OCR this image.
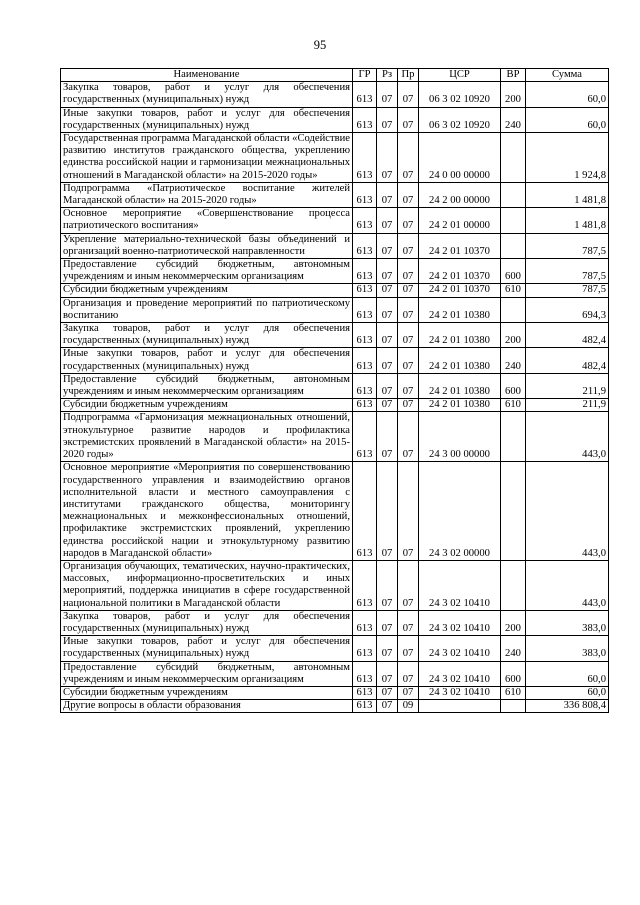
95
Наименование	ГР	Рз	Пр	ЦСР	ВР	Сумма
Закупка товаров, работ и услуг для обеспечения государственных (муниципальных) нужд	613	07	07	06 3 02 10920	200	60,0
Иные закупки товаров, работ и услуг для обеспечения государственных (муниципальных) нужд	613	07	07	06 3 02 10920	240	60,0
Государственная программа Магаданской области «Содействие развитию институтов гражданского общества, укреплению единства российской нации и гармонизации межнациональных отношений в Магаданской области» на 2015-2020 годы»	613	07	07	24 0 00 00000		1 924,8
Подпрограмма «Патриотическое воспитание жителей Магаданской области» на 2015-2020 годы»	613	07	07	24 2 00 00000		1 481,8
Основное мероприятие «Совершенствование процесса патриотического воспитания»	613	07	07	24 2 01 00000		1 481,8
Укрепление материально-технической базы объединений и организаций военно-патриотической направленности	613	07	07	24 2 01 10370		787,5
Предоставление субсидий бюджетным, автономным учреждениям и иным некоммерческим организациям	613	07	07	24 2 01 10370	600	787,5
Субсидии бюджетным учреждениям	613	07	07	24 2 01 10370	610	787,5
Организация и проведение мероприятий по патриотическому воспитанию	613	07	07	24 2 01 10380		694,3
Закупка товаров, работ и услуг для обеспечения государственных (муниципальных) нужд	613	07	07	24 2 01 10380	200	482,4
Иные закупки товаров, работ и услуг для обеспечения государственных (муниципальных) нужд	613	07	07	24 2 01 10380	240	482,4
Предоставление субсидий бюджетным, автономным учреждениям и иным некоммерческим организациям	613	07	07	24 2 01 10380	600	211,9
Субсидии бюджетным учреждениям	613	07	07	24 2 01 10380	610	211,9
Подпрограмма «Гармонизация межнациональных отношений, этнокультурное развитие народов и профилактика экстремистских проявлений в Магаданской области» на 2015-2020 годы»	613	07	07	24 3 00 00000		443,0
Основное мероприятие «Мероприятия по совершенствованию государственного управления и взаимодействию органов исполнительной власти и местного самоуправления с институтами гражданского общества, мониторингу межнациональных и межконфессиональных отношений, профилактике экстремистских проявлений, укреплению единства российской нации и этнокультурному развитию народов в Магаданской области»	613	07	07	24 3 02 00000		443,0
Организация обучающих, тематических, научно-практических, массовых, информационно-просветительских и иных мероприятий, поддержка инициатив в сфере государственной национальной политики в Магаданской области	613	07	07	24 3 02 10410		443,0
Закупка товаров, работ и услуг для обеспечения государственных (муниципальных) нужд	613	07	07	24 3 02 10410	200	383,0
Иные закупки товаров, работ и услуг для обеспечения государственных (муниципальных) нужд	613	07	07	24 3 02 10410	240	383,0
Предоставление субсидий бюджетным, автономным учреждениям и иным некоммерческим организациям	613	07	07	24 3 02 10410	600	60,0
Субсидии бюджетным учреждениям	613	07	07	24 3 02 10410	610	60,0
Другие вопросы в области образования	613	07	09			336 808,4
